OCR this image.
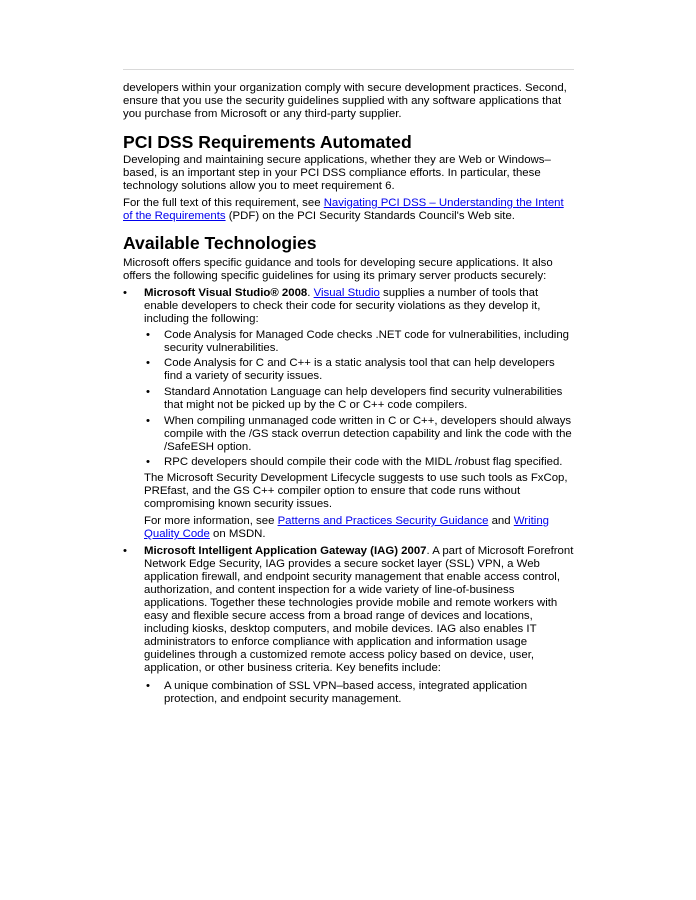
developers within your organization comply with secure development practices. Second, ensure that you use the security guidelines supplied with any software applications that you purchase from Microsoft or any third-party supplier.

PCI DSS Requirements Automated

Developing and maintaining secure applications, whether they are Web or Windows–based, is an important step in your PCI DSS compliance efforts. In particular, these technology solutions allow you to meet requirement 6.

For the full text of this requirement, see Navigating PCI DSS – Understanding the Intent of the Requirements (PDF) on the PCI Security Standards Council's Web site.

Available Technologies

Microsoft offers specific guidance and tools for developing secure applications. It also offers the following specific guidelines for using its primary server products securely:

• Microsoft Visual Studio® 2008. Visual Studio supplies a number of tools that enable developers to check their code for security violations as they develop it, including the following:

• Code Analysis for Managed Code checks .NET code for vulnerabilities, including security vulnerabilities.

• Code Analysis for C and C++ is a static analysis tool that can help developers find a variety of security issues.

• Standard Annotation Language can help developers find security vulnerabilities that might not be picked up by the C or C++ code compilers.

• When compiling unmanaged code written in C or C++, developers should always compile with the /GS stack overrun detection capability and link the code with the /SafeESH option.

• RPC developers should compile their code with the MIDL /robust flag specified.

The Microsoft Security Development Lifecycle suggests to use such tools as FxCop, PREfast, and the GS C++ compiler option to ensure that code runs without compromising known security issues.

For more information, see Patterns and Practices Security Guidance and Writing Quality Code on MSDN.

• Microsoft Intelligent Application Gateway (IAG) 2007. A part of Microsoft Forefront Network Edge Security, IAG provides a secure socket layer (SSL) VPN, a Web application firewall, and endpoint security management that enable access control, authorization, and content inspection for a wide variety of line-of-business applications. Together these technologies provide mobile and remote workers with easy and flexible secure access from a broad range of devices and locations, including kiosks, desktop computers, and mobile devices. IAG also enables IT administrators to enforce compliance with application and information usage guidelines through a customized remote access policy based on device, user, application, or other business criteria. Key benefits include:

• A unique combination of SSL VPN–based access, integrated application protection, and endpoint security management.
